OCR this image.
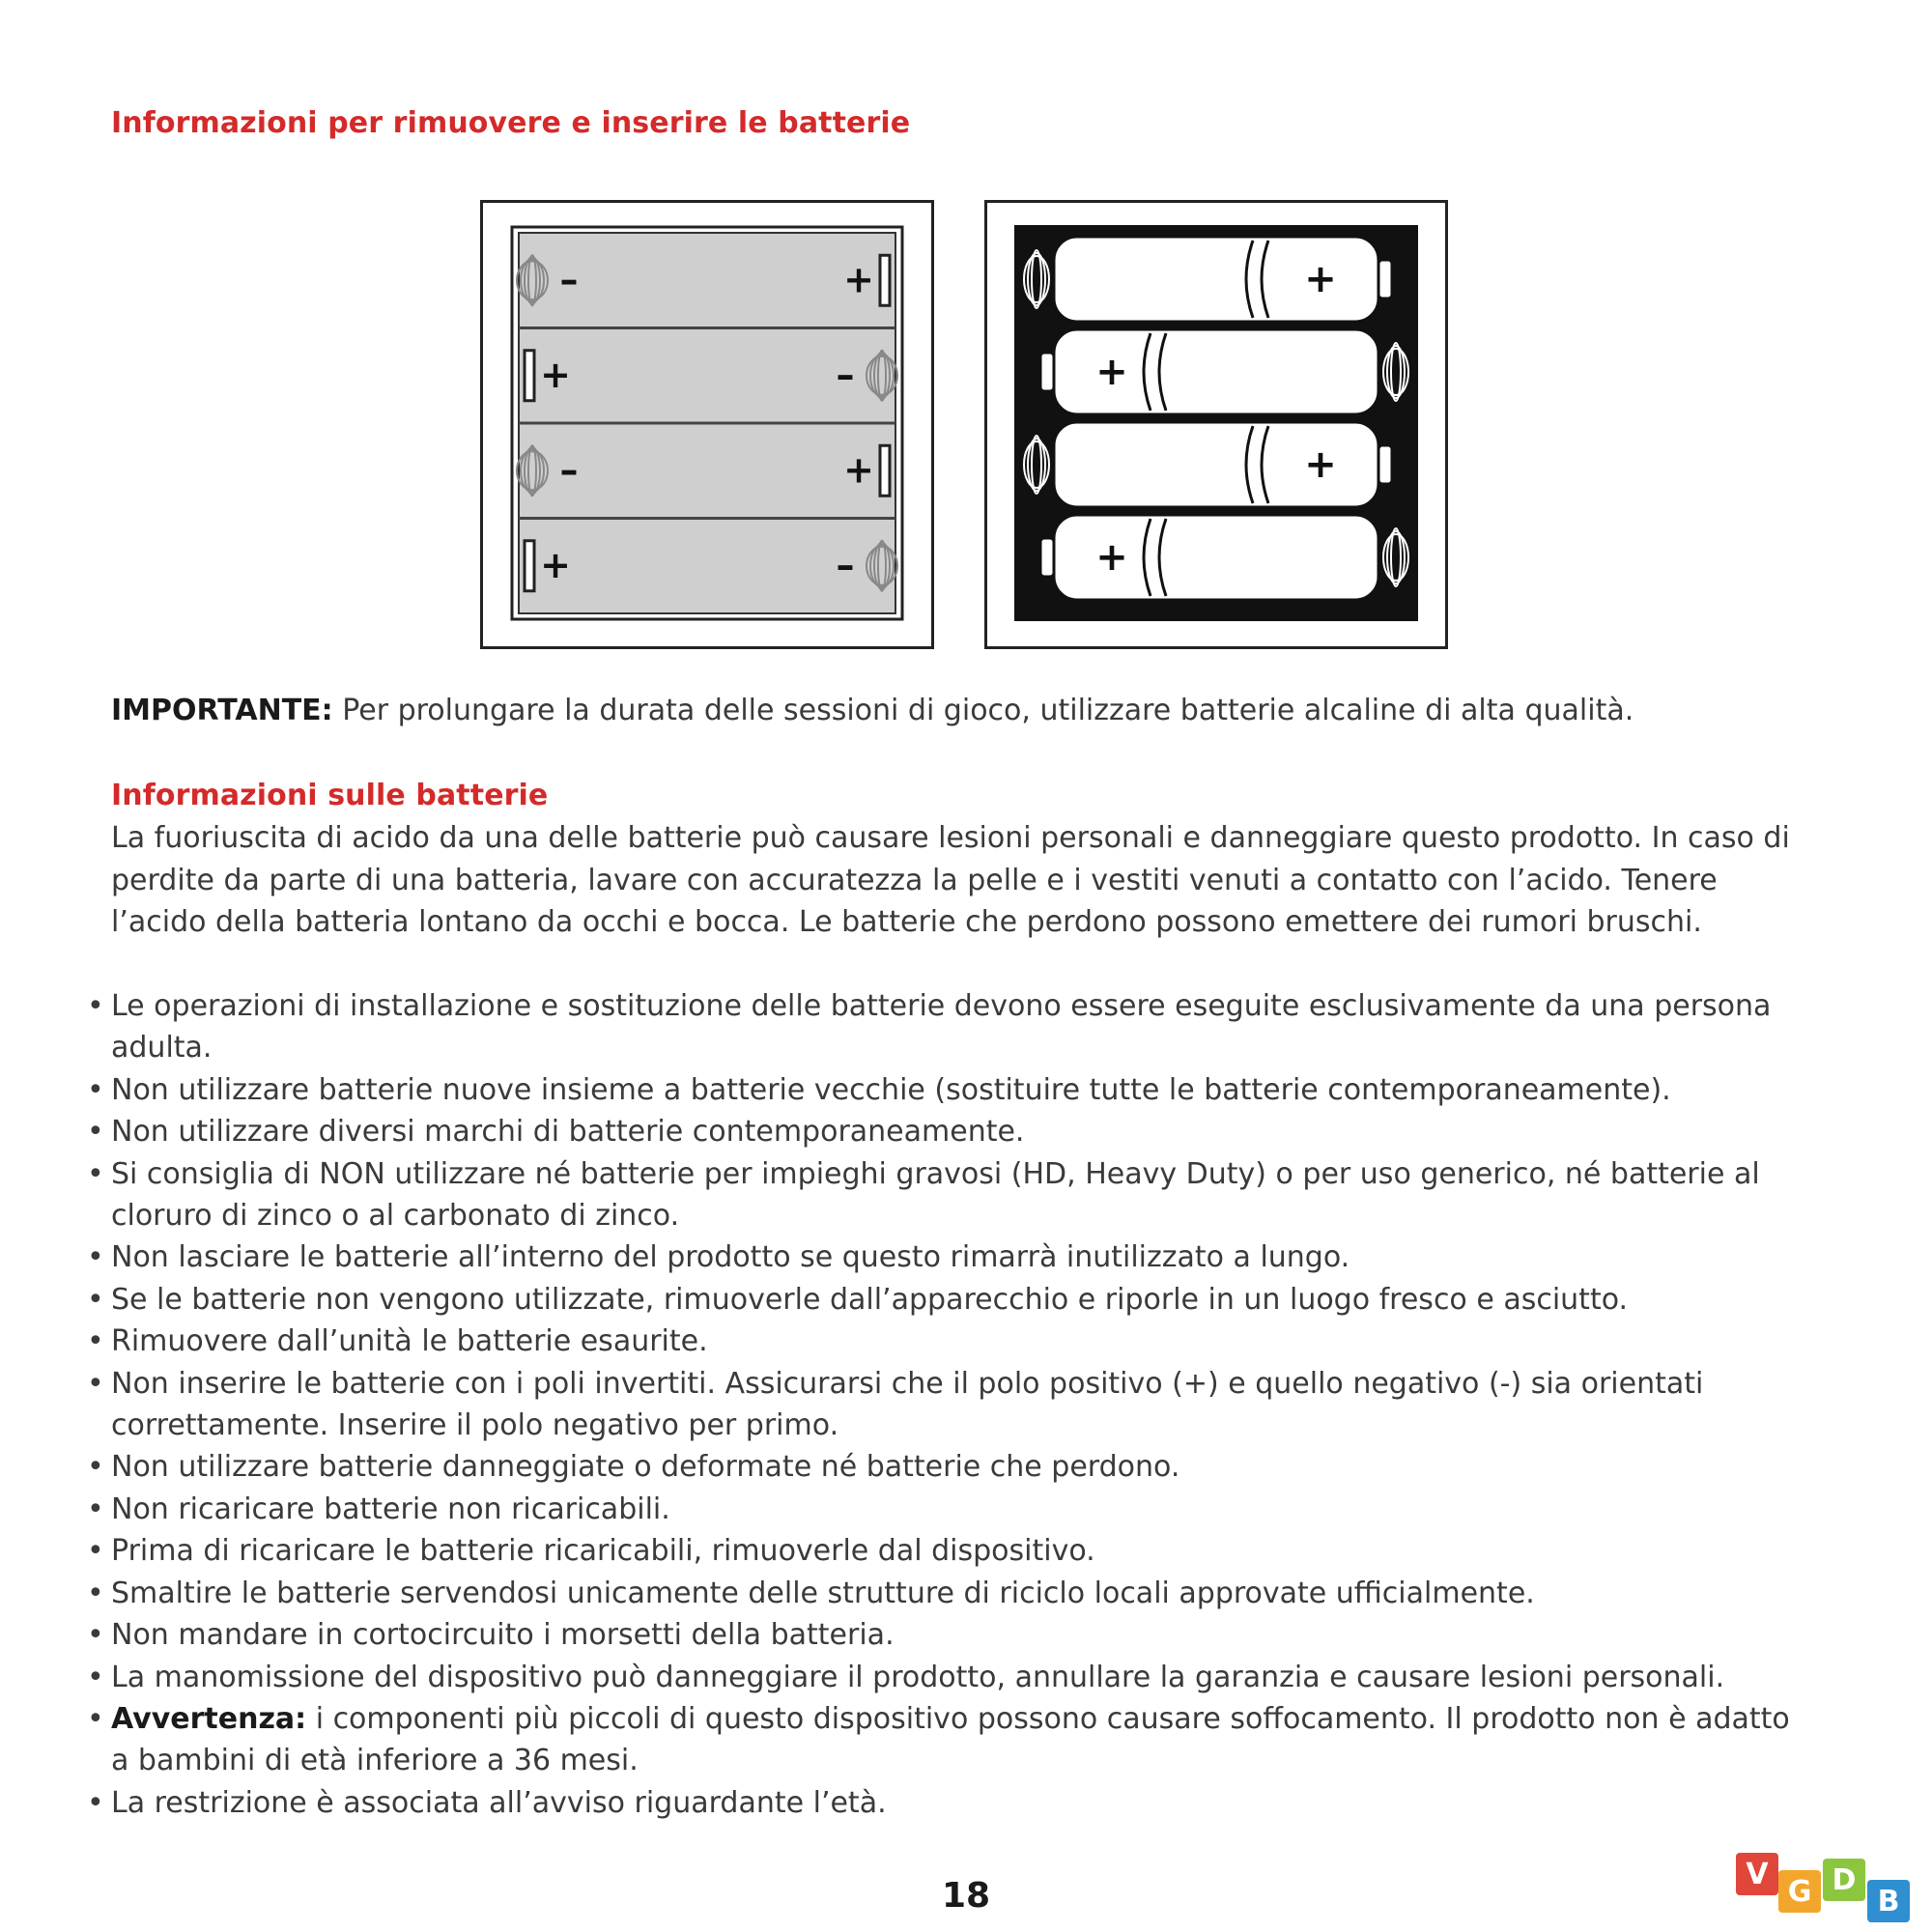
Informazioni per rimuovere e inserire le batterie
–	+
+	–
–	+
+	–
+
+
+
+

IMPORTANTE: Per prolungare la durata delle sessioni di gioco, utilizzare batterie alcaline di alta qualità.

Informazioni sulle batterie

La fuoriuscita di acido da una delle batterie può causare lesioni personali e danneggiare questo prodotto. In caso di perdite da parte di una batteria, lavare con accuratezza la pelle e i vestiti venuti a contatto con l’acido. Tenere l’acido della batteria lontano da occhi e bocca. Le batterie che perdono possono emettere dei rumori bruschi.

• Le operazioni di installazione e sostituzione delle batterie devono essere eseguite esclusivamente da una persona adulta.
• Non utilizzare batterie nuove insieme a batterie vecchie (sostituire tutte le batterie contemporaneamente).
• Non utilizzare diversi marchi di batterie contemporaneamente.
• Si consiglia di NON utilizzare né batterie per impieghi gravosi (HD, Heavy Duty) o per uso generico, né batterie al cloruro di zinco o al carbonato di zinco.
• Non lasciare le batterie all’interno del prodotto se questo rimarrà inutilizzato a lungo.
• Se le batterie non vengono utilizzate, rimuoverle dall’apparecchio e riporle in un luogo fresco e asciutto.
• Rimuovere dall’unità le batterie esaurite.
• Non inserire le batterie con i poli invertiti. Assicurarsi che il polo positivo (+) e quello negativo (-) sia orientati correttamente. Inserire il polo negativo per primo.
• Non utilizzare batterie danneggiate o deformate né batterie che perdono.
• Non ricaricare batterie non ricaricabili.
• Prima di ricaricare le batterie ricaricabili, rimuoverle dal dispositivo.
• Smaltire le batterie servendosi unicamente delle strutture di riciclo locali approvate ufficialmente.
• Non mandare in cortocircuito i morsetti della batteria.
• La manomissione del dispositivo può danneggiare il prodotto, annullare la garanzia e causare lesioni personali.
• Avvertenza: i componenti più piccoli di questo dispositivo possono causare soffocamento. Il prodotto non è adatto a bambini di età inferiore a 36 mesi.
• La restrizione è associata all’avviso riguardante l’età.

18

V
G D
B
